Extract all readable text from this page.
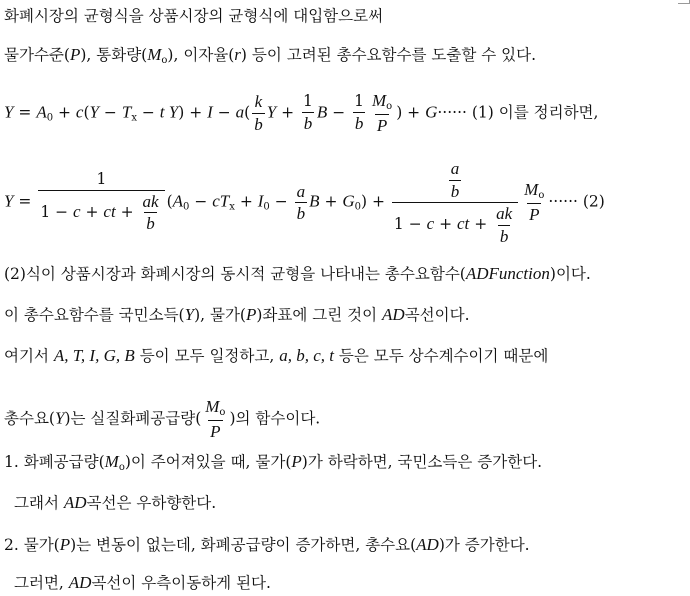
화폐시장의 균형식을 상품시장의 균형식에 대입함으로써
물가수준(P), 통화량$(M_o)$, 이자율(r) 등이 고려된 총수요함수를 도출할 수 있다.
$Y = A_0 + c(Y - T_x - t$ $Y) + I - a( \frac{k}{b}$ $Y + \frac{1}{b}$ $B - \frac{1}{b} \frac{M_o}{P}$ ) + G······ (1) 이를 정리하면,
$Y = \frac{1}{1 - c + ct + \frac{ak}{b}} (A_0 - cT_x + I_0 - \frac{a}{b}$ $B + G_0) + \frac{\frac{a}{b}}{1 - c + ct + \frac{ak}{b}} \frac{M_o}{P}$ ······ (2)
(2)식이 상품시장과 화폐시장의 동시적 균형을 나타내는 총수요함수(ADFunction)이다.
이 총수요함수를 국민소득(Y), 물가(P)좌표에 그린 것이 AD곡선이다.
여기서 A, T, I, G, B 등이 모두 일정하고, a, b, c, t 등은 모두 상수계수이기 때문에
총수요(Y)는 실질화폐공급량( $\frac{M_o}{P}$ )의 함수이다.
1. 화폐공급량$(M_o)$이 주어져있을 때, 물가(P)가 하락하면, 국민소득은 증가한다.
그래서 AD곡선은 우하향한다.
2. 물가(P)는 변동이 없는데, 화폐공급량이 증가하면, 총수요(AD)가 증가한다.
그러면, AD곡선이 우측이동하게 된다.
